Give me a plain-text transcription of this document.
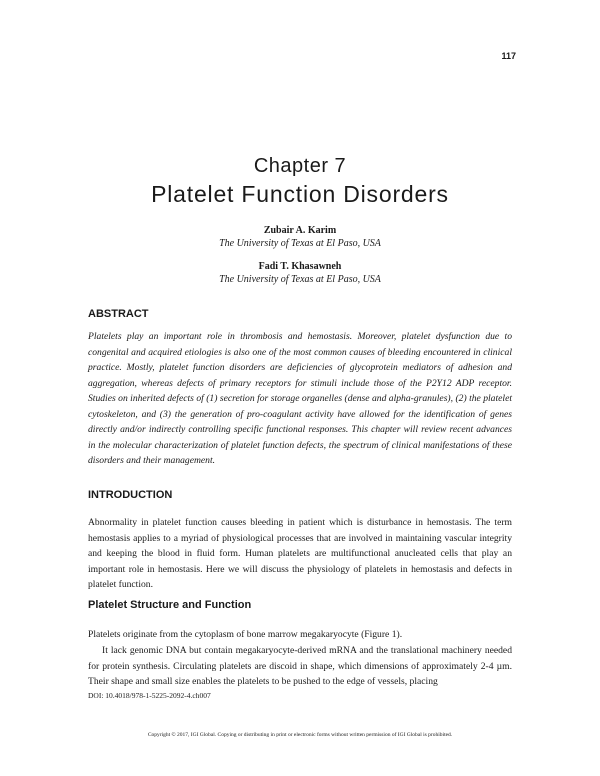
117
Chapter 7
Platelet Function Disorders
Zubair A. Karim
The University of Texas at El Paso, USA
Fadi T. Khasawneh
The University of Texas at El Paso, USA
ABSTRACT

Platelets play an important role in thrombosis and hemostasis. Moreover, platelet dysfunction due to congenital and acquired etiologies is also one of the most common causes of bleeding encountered in clinical practice. Mostly, platelet function disorders are deficiencies of glycoprotein mediators of adhesion and aggregation, whereas defects of primary receptors for stimuli include those of the P2Y12 ADP receptor. Studies on inherited defects of (1) secretion for storage organelles (dense and alpha-granules), (2) the platelet cytoskeleton, and (3) the generation of pro-coagulant activity have allowed for the identification of genes directly and/or indirectly controlling specific functional responses. This chapter will review recent advances in the molecular characterization of platelet function defects, the spectrum of clinical manifestations of these disorders and their management.

INTRODUCTION

Abnormality in platelet function causes bleeding in patient which is disturbance in hemostasis. The term hemostasis applies to a myriad of physiological processes that are involved in maintaining vascular integrity and keeping the blood in fluid form. Human platelets are multifunctional anucleated cells that play an important role in hemostasis. Here we will discuss the physiology of platelets in hemostasis and defects in platelet function.

Platelet Structure and Function

Platelets originate from the cytoplasm of bone marrow megakaryocyte (Figure 1).

It lack genomic DNA but contain megakaryocyte-derived mRNA and the translational machinery needed for protein synthesis. Circulating platelets are discoid in shape, which dimensions of approximately 2-4 µm. Their shape and small size enables the platelets to be pushed to the edge of vessels, placing

DOI: 10.4018/978-1-5225-2092-4.ch007
Copyright © 2017, IGI Global. Copying or distributing in print or electronic forms without written permission of IGI Global is prohibited.
